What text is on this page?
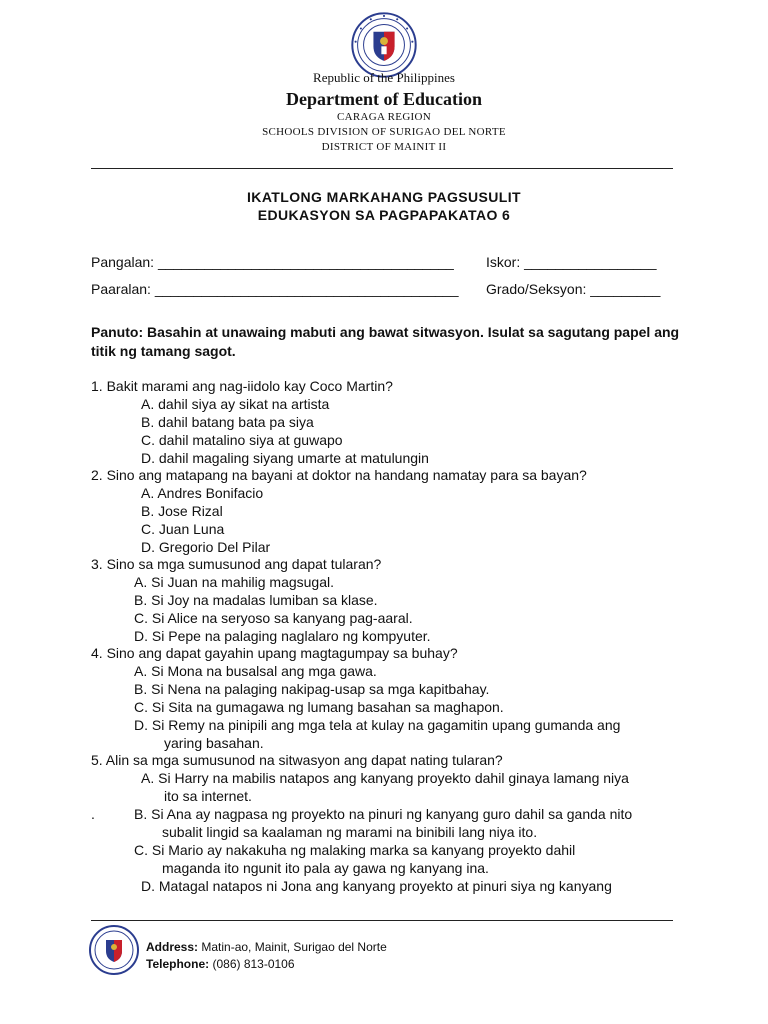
Republic of the Philippines
Department of Education
CARAGA REGION
SCHOOLS DIVISION OF SURIGAO DEL NORTE
DISTRICT OF MAINIT II
IKATLONG MARKAHANG PAGSUSULIT
EDUKASYON SA PAGPAPAKATAO 6
Pangalan: ______________________________________ Iskor: _________________
Paaralan: _______________________________________ Grado/Seksyon: _________
Panuto: Basahin at unawaing mabuti ang bawat sitwasyon. Isulat sa sagutang papel ang titik ng tamang sagot.
1. Bakit marami ang nag-iidolo kay Coco Martin?
A. dahil siya ay sikat na artista
B. dahil batang bata pa siya
C. dahil matalino siya at guwapo
D. dahil magaling siyang umarte at matulungin
2. Sino ang matapang na bayani at doktor na handang namatay para sa bayan?
A. Andres Bonifacio
B. Jose Rizal
C. Juan Luna
D. Gregorio Del Pilar
3. Sino sa mga sumusunod ang dapat tularan?
A. Si Juan na mahilig magsugal.
B. Si Joy na madalas lumiban sa klase.
C. Si Alice na seryoso sa kanyang pag-aaral.
D. Si Pepe na palaging naglalaro ng kompyuter.
4. Sino ang dapat gayahin upang magtagumpay sa buhay?
A. Si Mona na busalsal ang mga gawa.
B. Si Nena na palaging nakipag-usap sa mga kapitbahay.
C. Si Sita na gumagawa ng lumang basahan sa maghapon.
D. Si Remy na pinipili ang mga tela at kulay na gagamitin upang gumanda ang
yaring basahan.
5. Alin sa mga sumusunod na sitwasyon ang dapat nating tularan?
A. Si Harry na mabilis natapos ang kanyang proyekto dahil ginaya lamang niya
ito sa internet.
.	B. Si Ana ay nagpasa ng proyekto na pinuri ng kanyang guro dahil sa ganda nito
subalit lingid sa kaalaman ng marami na binibili lang niya ito.
C. Si Mario ay nakakuha ng malaking marka sa kanyang proyekto dahil
maganda ito ngunit ito pala ay gawa ng kanyang ina.
D. Matagal natapos ni Jona ang kanyang proyekto at pinuri siya ng kanyang
Address: Matin-ao, Mainit, Surigao del Norte
Telephone: (086) 813-0106
